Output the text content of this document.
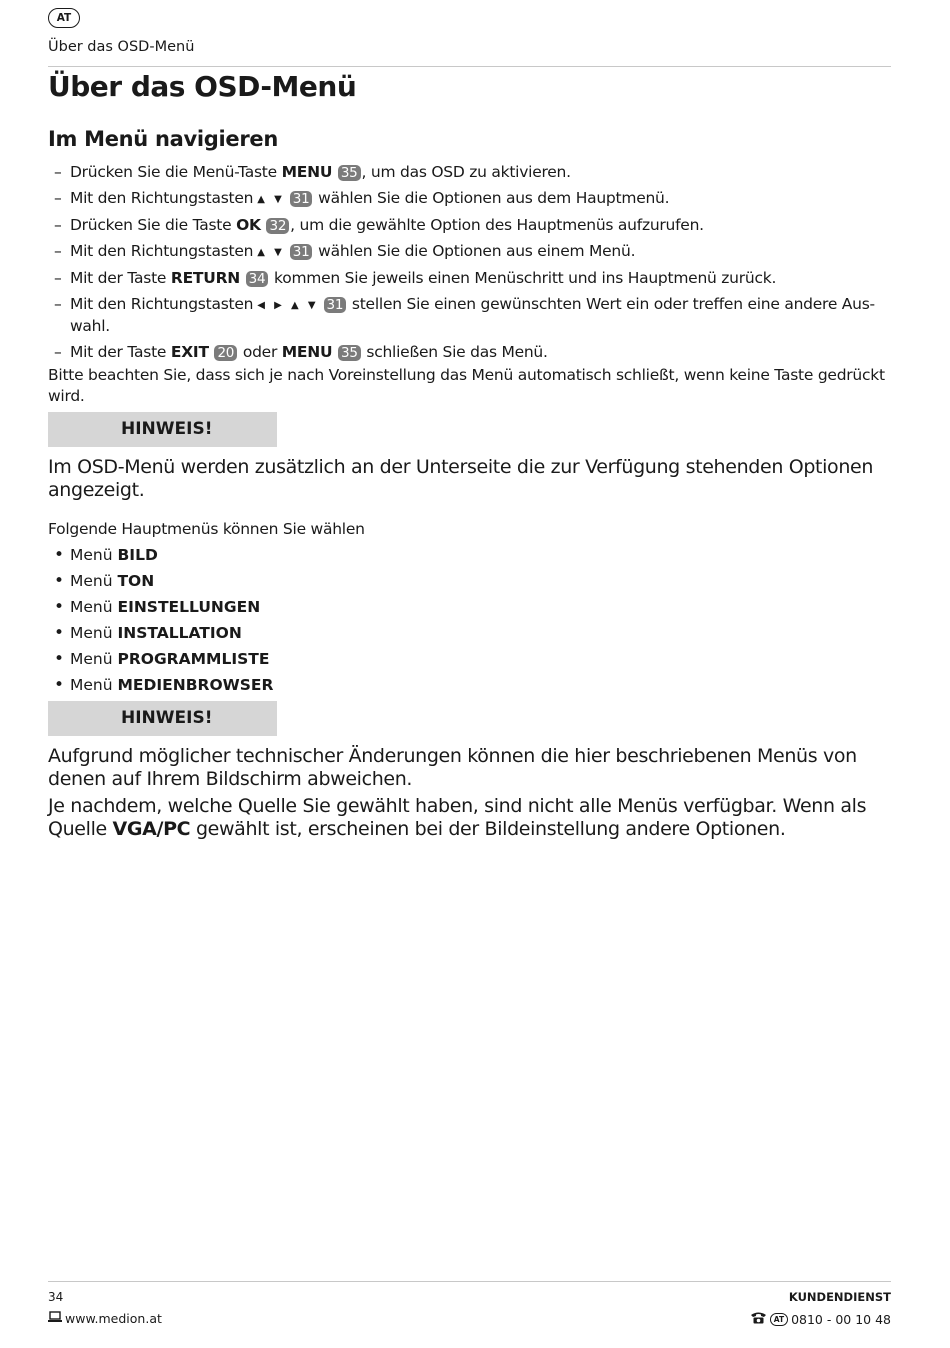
AT
Über das OSD-Menü
Über das OSD-Menü
Im Menü navigieren
– Drücken Sie die Menü-Taste MENU 35 , um das OSD zu aktivieren.
– Mit den Richtungstasten ▲ ▼ 31 wählen Sie die Optionen aus dem Hauptmenü.
– Drücken Sie die Taste OK 32 , um die gewählte Option des Hauptmenüs aufzurufen.
– Mit den Richtungstasten ▲ ▼ 31 wählen Sie die Optionen aus einem Menü.
– Mit der Taste RETURN 34 kommen Sie jeweils einen Menüschritt und ins Hauptmenü zurück.
– Mit den Richtungstasten ◀ ▶ ▲ ▼ 31 stellen Sie einen gewünschten Wert ein oder treffen eine andere Aus-wahl.
– Mit der Taste EXIT 20 oder MENU 35 schließen Sie das Menü.

Bitte beachten Sie, dass sich je nach Voreinstellung das Menü automatisch schließt, wenn keine Taste gedrückt wird.

HINWEIS!

Im OSD-Menü werden zusätzlich an der Unterseite die zur Verfügung stehenden Optionen angezeigt.

Folgende Hauptmenüs können Sie wählen

• Menü BILD
• Menü TON
• Menü EINSTELLUNGEN
• Menü INSTALLATION
• Menü PROGRAMMLISTE
• Menü MEDIENBROWSER
HINWEIS!

Aufgrund möglicher technischer Änderungen können die hier beschriebenen Menüs von denen auf Ihrem Bildschirm abweichen.

Je nachdem, welche Quelle Sie gewählt haben, sind nicht alle Menüs verfügbar. Wenn als Quelle VGA/PC gewählt ist, erscheinen bei der Bildeinstellung andere Optionen.

34	KUNDENDIENST
www.medion.at	AT 0810 - 00 10 48
